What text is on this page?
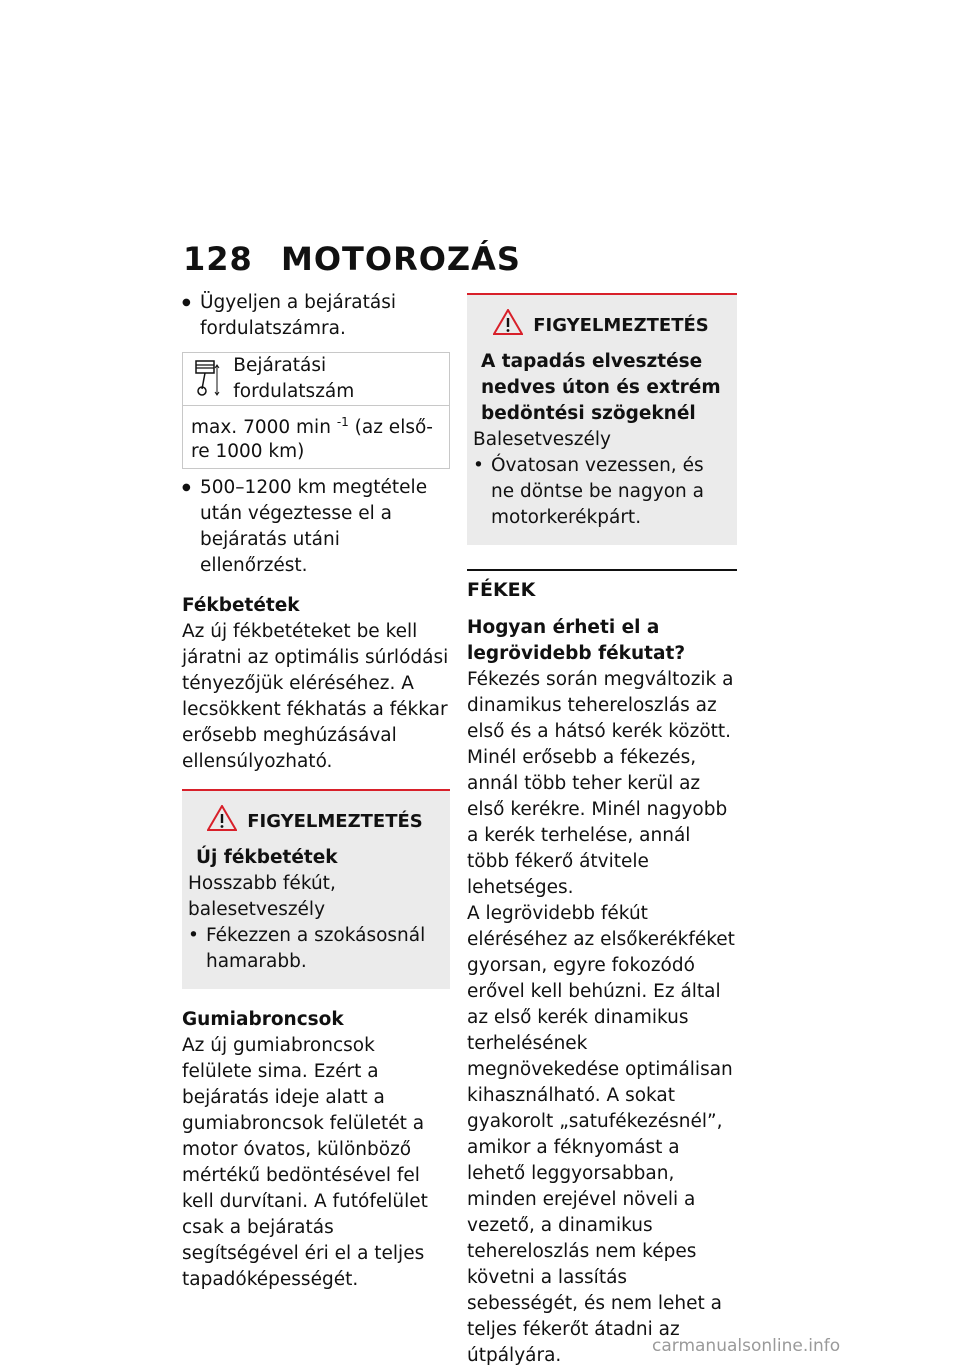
128 MOTOROZÁS

● Ügyeljen a bejáratási fordulatszámra.

Bejáratási fordulatszám
max. 7000 min $^{-1}$ (az elsőre 1000 km)

● 500–1200 km megtétele után végeztesse el a bejáratás utáni ellenőrzést.

Fékbetétek

Az új fékbetéteket be kell járatni az optimális súrlódási tényezőjük eléréséhez. A lecsökkent fékhatás a fékkar erősebb meghúzásával ellensúlyozható.

FIGYELMEZTETÉS
Új fékbetétek

Hosszabb fékút, balesetveszély

• Fékezzen a szokásosnál hamarabb.

Gumiabroncsok

Az új gumiabroncsok felülete sima. Ezért a bejáratás ideje alatt a gumiabroncsok felületét a motor óvatos, különböző mértékű bedöntésével fel kell durvítani. A futófelület csak a bejáratás segítségével éri el a teljes tapadóképességét.

FIGYELMEZTETÉS
A tapadás elvesztése nedves úton és extrém bedöntési szögeknél

Balesetveszély

• Óvatosan vezessen, és ne döntse be nagyon a motorkerékpárt.

FÉKEK
Hogyan érheti el a legrövidebb fékutat?

Fékezés során megváltozik a dinamikus tehereloszlás az első és a hátsó kerék között. Minél erősebb a fékezés, annál több teher kerül az első kerékre. Minél nagyobb a kerék terhelése, annál több fékerő átvitele lehetséges.

A legrövidebb fékút eléréséhez az elsőkerékféket gyorsan, egyre fokozódó erővel kell behúzni. Ez által az első kerék dinamikus terhelésének megnövekedése optimálisan kihasználható. A sokat gyakorolt „satufékezésnél”, amikor a féknyomást a lehető leggyorsabban, minden erejével növeli a vezető, a dinamikus tehereloszlás nem képes követni a lassítás sebességét, és nem lehet a teljes fékerőt átadni az útpályára.	carmanualsonline.info
